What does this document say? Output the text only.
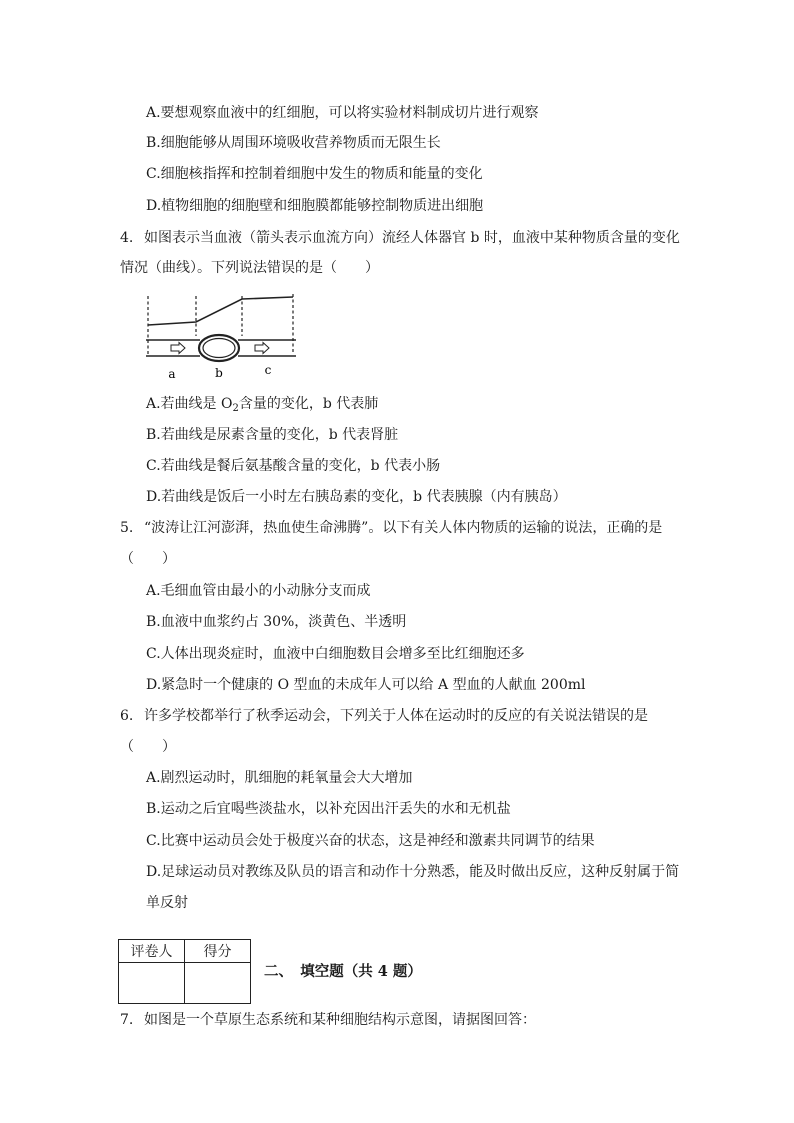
A.要想观察血液中的红细胞，可以将实验材料制成切片进行观察
B.细胞能够从周围环境吸收营养物质而无限生长
C.细胞核指挥和控制着细胞中发生的物质和能量的变化
D.植物细胞的细胞壁和细胞膜都能够控制物质进出细胞
4. 如图表示当血液（箭头表示血流方向）流经人体器官 b 时，血液中某种物质含量的变化
情况（曲线）。下列说法错误的是（　　）
a	b	c
A.若曲线是 $O_2$含量的变化，b 代表肺
B.若曲线是尿素含量的变化，b 代表肾脏
C.若曲线是餐后氨基酸含量的变化，b 代表小肠
D.若曲线是饭后一小时左右胰岛素的变化，b 代表胰腺（内有胰岛）
5. “波涛让江河澎湃，热血使生命沸腾”。以下有关人体内物质的运输的说法，正确的是
（　　）
A.毛细血管由最小的小动脉分支而成
B.血液中血浆约占 30%，淡黄色、半透明
C.人体出现炎症时，血液中白细胞数目会增多至比红细胞还多
D.紧急时一个健康的 O 型血的未成年人可以给 A 型血的人献血 200ml
6. 许多学校都举行了秋季运动会，下列关于人体在运动时的反应的有关说法错误的是
（　　）
A.剧烈运动时，肌细胞的耗氧量会大大增加
B.运动之后宜喝些淡盐水，以补充因出汗丢失的水和无机盐
C.比赛中运动员会处于极度兴奋的状态，这是神经和激素共同调节的结果
D.足球运动员对教练及队员的语言和动作十分熟悉，能及时做出反应，这种反射属于简
单反射
评卷人	得分

二、　填空题（共 4 题）
7. 如图是一个草原生态系统和某种细胞结构示意图，请据图回答：
